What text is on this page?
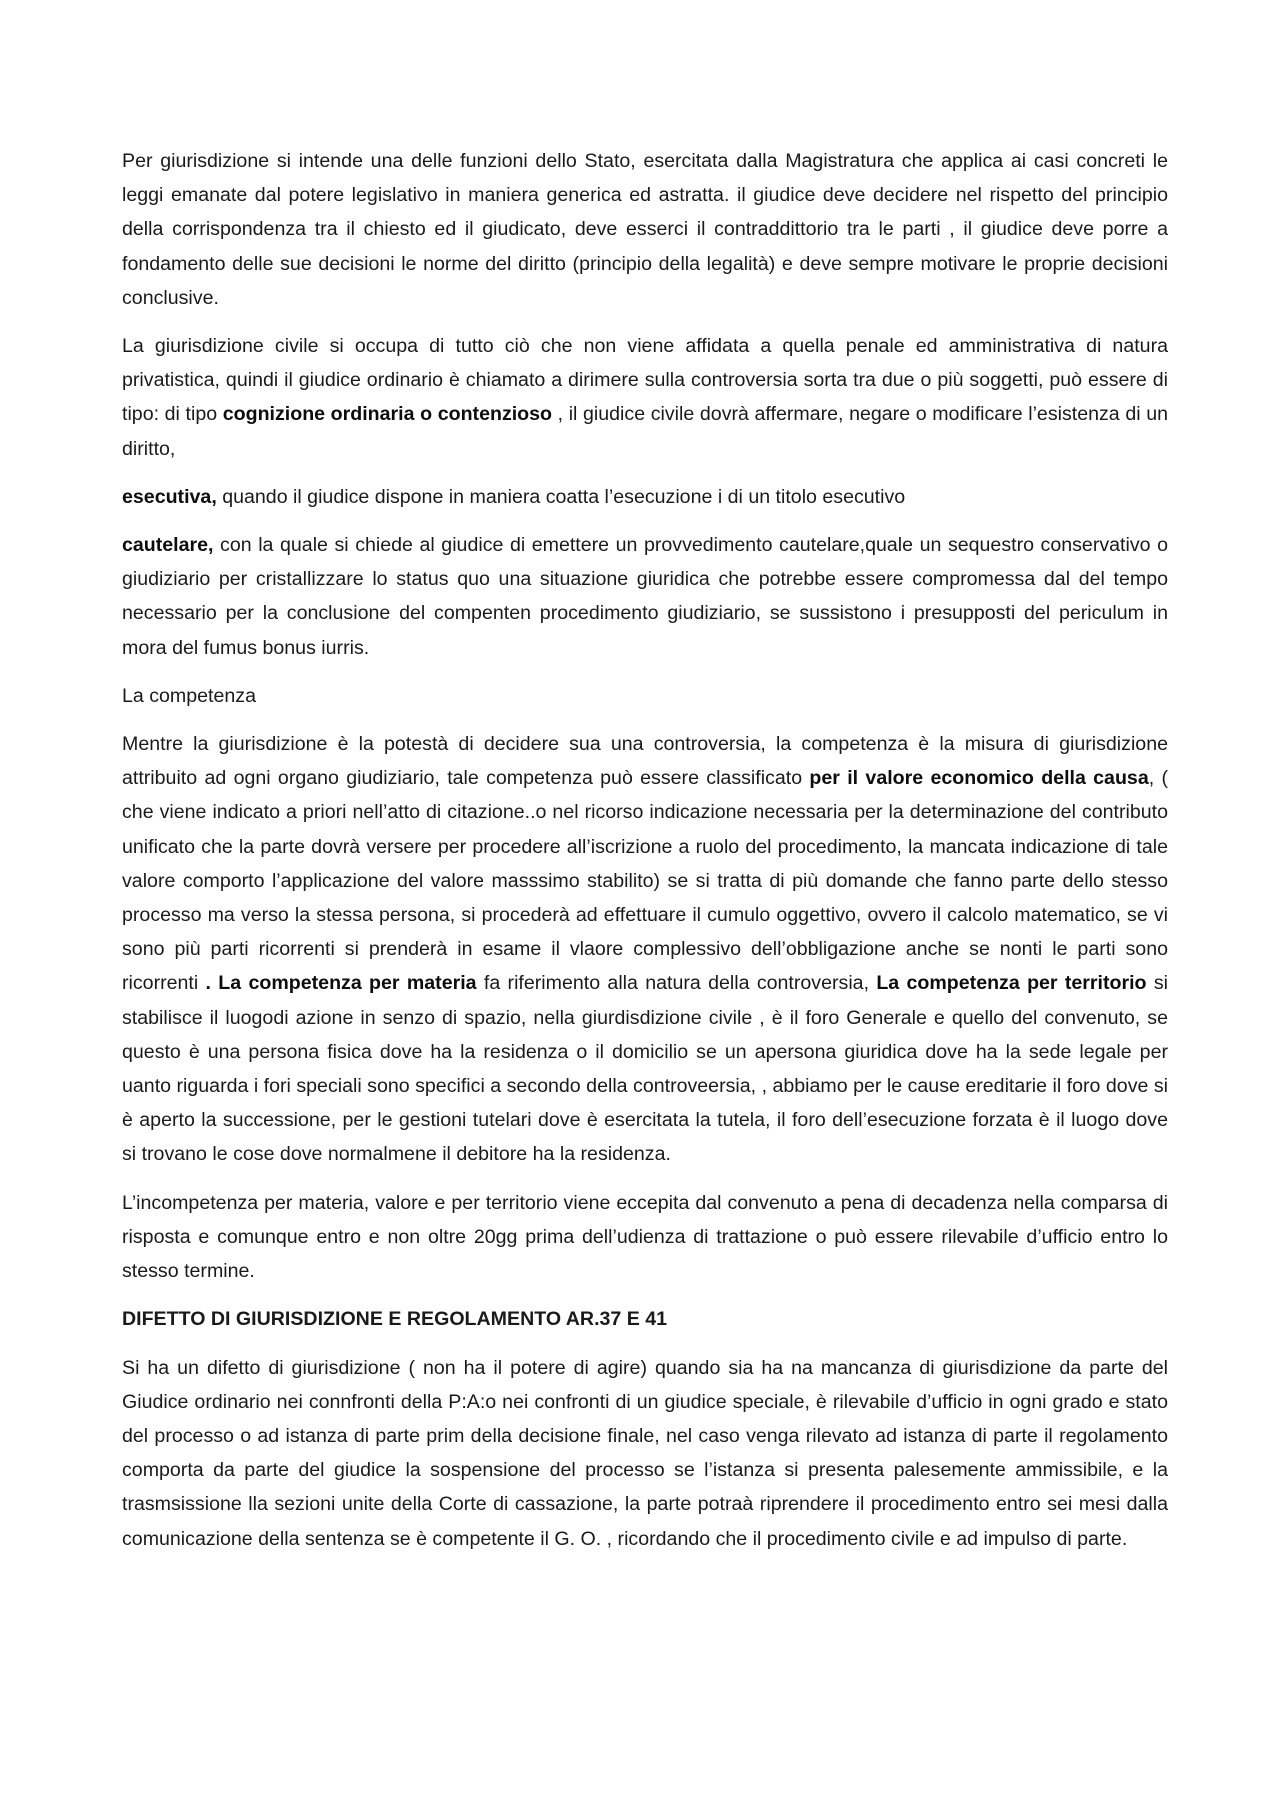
Per giurisdizione si intende una delle funzioni dello Stato, esercitata dalla Magistratura che applica ai casi concreti le leggi emanate dal potere legislativo in maniera generica ed astratta. il giudice deve decidere nel rispetto del principio della corrispondenza tra il chiesto ed il giudicato, deve esserci il contraddittorio tra le parti , il giudice deve porre a fondamento delle sue decisioni le norme del diritto (principio della legalità) e deve sempre motivare le proprie decisioni conclusive.

La giurisdizione civile si occupa di tutto ciò che non viene affidata a quella penale ed amministrativa di natura privatistica, quindi il giudice ordinario è chiamato a dirimere sulla controversia sorta tra due o più soggetti, può essere di tipo: di tipo cognizione ordinaria o contenzioso , il giudice civile dovrà affermare, negare o modificare l’esistenza di un diritto,

esecutiva, quando il giudice dispone in maniera coatta l’esecuzione i di un titolo esecutivo

cautelare, con la quale si chiede al giudice di emettere un provvedimento cautelare,quale un sequestro conservativo o giudiziario per cristallizzare lo status quo una situazione giuridica che potrebbe essere compromessa dal del tempo necessario per la conclusione del compenten procedimento giudiziario, se sussistono i presupposti del periculum in mora del fumus bonus iurris.

La competenza

Mentre la giurisdizione è la potestà di decidere sua una controversia, la competenza è la misura di giurisdizione attribuito ad ogni organo giudiziario, tale competenza può essere classificato per il valore economico della causa, ( che viene indicato a priori nell’atto di citazione..o nel ricorso indicazione necessaria per la determinazione del contributo unificato che la parte dovrà versere per procedere all’iscrizione a ruolo del procedimento, la mancata indicazione di tale valore comporto l’applicazione del valore masssimo stabilito) se si tratta di più domande che fanno parte dello stesso processo ma verso la stessa persona, si procederà ad effettuare il cumulo oggettivo, ovvero il calcolo matematico, se vi sono più parti ricorrenti si prenderà in esame il vlaore complessivo dell’obbligazione anche se nonti le parti sono ricorrenti . La competenza per materia fa riferimento alla natura della controversia, La competenza per territorio si stabilisce il luogodi azione in senzo di spazio, nella giurdisdizione civile , è il foro Generale e quello del convenuto, se questo è una persona fisica dove ha la residenza o il domicilio se un apersona giuridica dove ha la sede legale per uanto riguarda i fori speciali sono specifici a secondo della controveersia, , abbiamo per le cause ereditarie il foro dove si è aperto la successione, per le gestioni tutelari dove è esercitata la tutela, il foro dell’esecuzione forzata è il luogo dove si trovano le cose dove normalmene il debitore ha la residenza.

L’incompetenza per materia, valore e per territorio viene eccepita dal convenuto a pena di decadenza nella comparsa di risposta e comunque entro e non oltre 20gg prima dell’udienza di trattazione o può essere rilevabile d’ufficio entro lo stesso termine.

DIFETTO DI GIURISDIZIONE E REGOLAMENTO AR.37 E 41

Si ha un difetto di giurisdizione ( non ha il potere di agire) quando sia ha na mancanza di giurisdizione da parte del Giudice ordinario nei connfronti della P:A:o nei confronti di un giudice speciale, è rilevabile d’ufficio in ogni grado e stato del processo o ad istanza di parte prim della decisione finale, nel caso venga rilevato ad istanza di parte il regolamento comporta da parte del giudice la sospensione del processo se l’istanza si presenta palesemente ammissibile, e la trasmsissione lla sezioni unite della Corte di cassazione, la parte potraà riprendere il procedimento entro sei mesi dalla comunicazione della sentenza se è competente il G. O. , ricordando che il procedimento civile e ad impulso di parte.
